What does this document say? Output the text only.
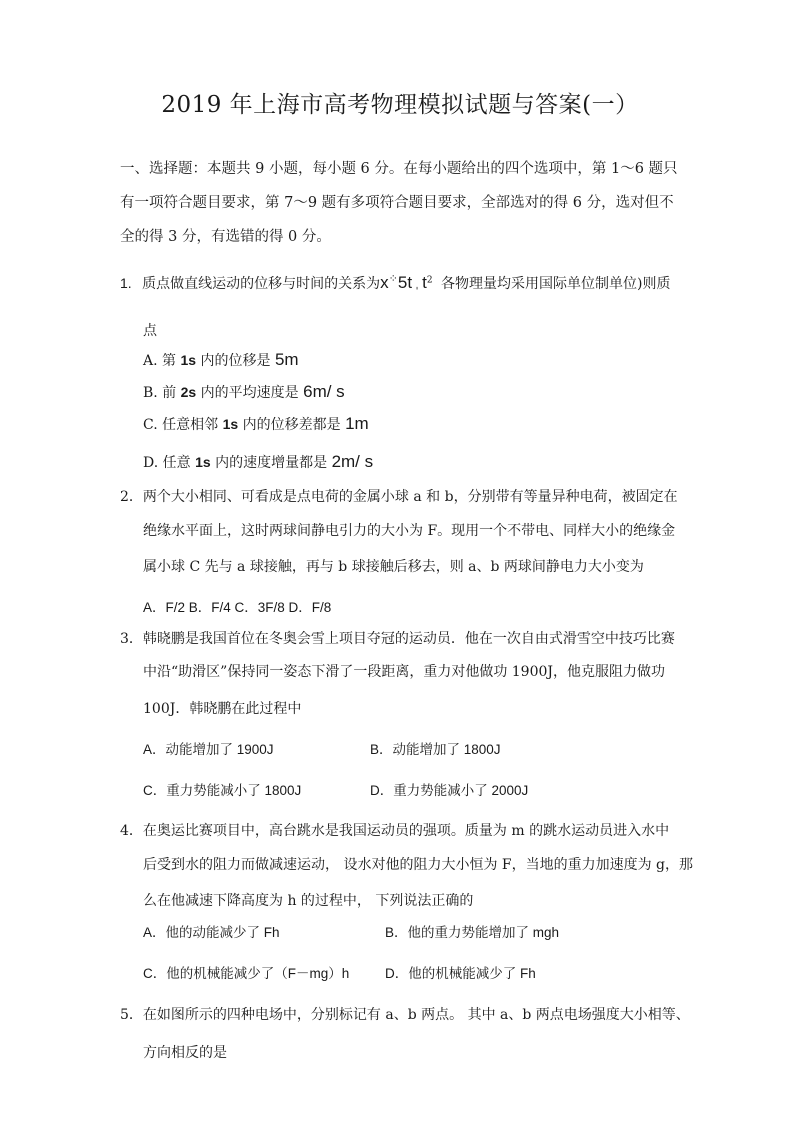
2019 年上海市高考物理模拟试题与答案(一）
一、选择题：本题共 9 小题，每小题 6 分。在每小题给出的四个选项中，第 1～6 题只有一项符合题目要求，第 7～9 题有多项符合题目要求，全部选对的得 6 分，选对但不全的得 3 分，有选错的得 0 分。
1. 质点做直线运动的位移与时间的关系为x⁘5t ˌ $t^2$ 各物理量均采用国际单位制单位)则质
点
A. 第 1s 内的位移是 5m
B. 前 2s 内的平均速度是 6m/ s
C. 任意相邻 1s 内的位移差都是 1m
D. 任意 1s 内的速度增量都是 2m/ s
2．两个大小相同、可看成是点电荷的金属小球 a 和 b，分别带有等量异种电荷，被固定在
绝缘水平面上，这时两球间静电引力的大小为 F。现用一个不带电、同样大小的绝缘金
属小球 C 先与 a 球接触，再与 b 球接触后移去，则 a、b 两球间静电力大小变为
A．F/2 B．F/4 C．3F/8 D．F/8
3．韩晓鹏是我国首位在冬奥会雪上项目夺冠的运动员．他在一次自由式滑雪空中技巧比赛
中沿“助滑区”保持同一姿态下滑了一段距离，重力对他做功 1900J，他克服阻力做功
100J．韩晓鹏在此过程中
A．动能增加了 1900J	B．动能增加了 1800J
C．重力势能减小了 1800J	D．重力势能减小了 2000J
4．在奥运比赛项目中，高台跳水是我国运动员的强项。质量为 m 的跳水运动员进入水中
后受到水的阻力而做减速运动， 设水对他的阻力大小恒为 F，当地的重力加速度为 g，那
么在他减速下降高度为 h 的过程中， 下列说法正确的
A．他的动能减少了 Fh	B．他的重力势能增加了 mgh
C．他的机械能减少了（F－mg）h	D．他的机械能减少了 Fh
5．在如图所示的四种电场中，分别标记有 a、b 两点。 其中 a、b 两点电场强度大小相等、
方向相反的是
